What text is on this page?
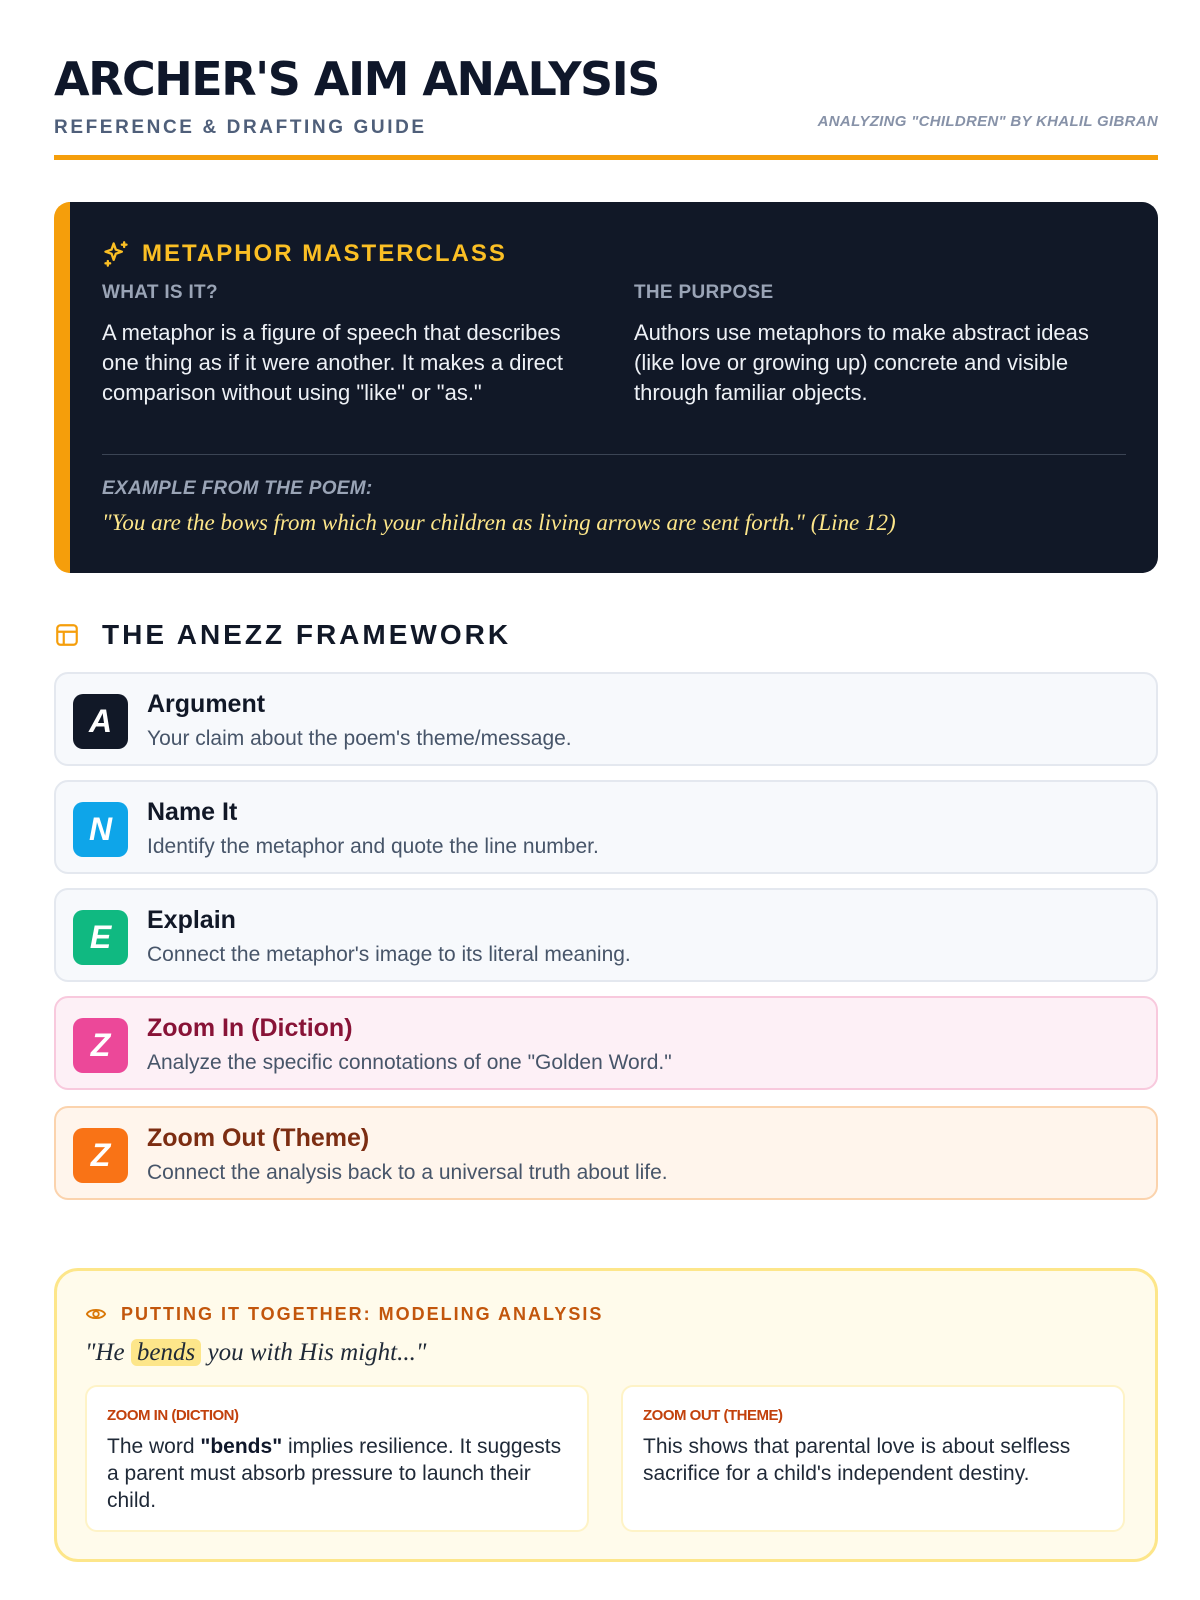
ARCHER'S AIM ANALYSIS
REFERENCE & DRAFTING GUIDE	ANALYZING "CHILDREN" BY KHALIL GIBRAN
METAPHOR MASTERCLASS
WHAT IS IT?
A metaphor is a figure of speech that describes one thing as if it were another. It makes a direct comparison without using "like" or "as."
THE PURPOSE
Authors use metaphors to make abstract ideas (like love or growing up) concrete and visible through familiar objects.
EXAMPLE FROM THE POEM:
"You are the bows from which your children as living arrows are sent forth." (Line 12)
THE ANEZZ FRAMEWORK
A	Argument
Your claim about the poem's theme/message.
N	Name It
Identify the metaphor and quote the line number.
E	Explain
Connect the metaphor's image to its literal meaning.
Z	Zoom In (Diction)
Analyze the specific connotations of one "Golden Word."
Z	Zoom Out (Theme)
Connect the analysis back to a universal truth about life.
PUTTING IT TOGETHER: MODELING ANALYSIS
"He bends you with His might..."
ZOOM IN (DICTION)
The word "bends" implies resilience. It suggests a parent must absorb pressure to launch their child.
ZOOM OUT (THEME)
This shows that parental love is about selfless sacrifice for a child's independent destiny.
